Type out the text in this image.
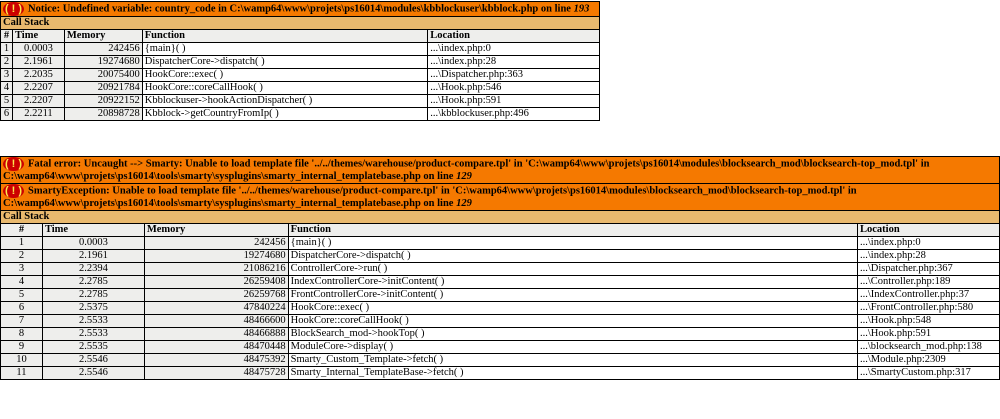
( ! ) Notice: Undefined variable: country_code in C:\wamp64\www\projets\ps16014\modules\kbblockuser\kbblock.php on line 193				
Call Stack				
#	Time	Memory	Function	Location
1	0.0003	242456	{main}( )	...\index.php:0
2	2.1961	19274680	DispatcherCore->dispatch( )	...\index.php:28
3	2.2035	20075400	HookCore::exec( )	...\Dispatcher.php:363
4	2.2207	20921784	HookCore::coreCallHook( )	...\Hook.php:546
5	2.2207	20922152	Kbblockuser->hookActionDispatcher( )	...\Hook.php:591
6	2.2211	20898728	Kbblock->getCountryFromIp( )	...\kbblockuser.php:496
( ! ) Fatal error: Uncaught --> Smarty: Unable to load template file '../../themes/warehouse/product-compare.tpl' in 'C:\wamp64\www\projets\ps16014\modules\blocksearch_mod\blocksearch-top_mod.tpl' in
C:\wamp64\www\projets\ps16014\tools\smarty\sysplugins\smarty_internal_templatebase.php on line 129				
( ! ) SmartyException: Unable to load template file '../../themes/warehouse/product-compare.tpl' in 'C:\wamp64\www\projets\ps16014\modules\blocksearch_mod\blocksearch-top_mod.tpl' in
C:\wamp64\www\projets\ps16014\tools\smarty\sysplugins\smarty_internal_templatebase.php on line 129				
Call Stack				
#	Time	Memory	Function	Location
1	0.0003	242456	{main}( )	...\index.php:0
2	2.1961	19274680	DispatcherCore->dispatch( )	...\index.php:28
3	2.2394	21086216	ControllerCore->run( )	...\Dispatcher.php:367
4	2.2785	26259408	IndexControllerCore->initContent( )	...\Controller.php:189
5	2.2785	26259768	FrontControllerCore->initContent( )	...\IndexController.php:37
6	2.5375	47840224	HookCore::exec( )	...\FrontController.php:580
7	2.5533	48466600	HookCore::coreCallHook( )	...\Hook.php:548
8	2.5533	48466888	BlockSearch_mod->hookTop( )	...\Hook.php:591
9	2.5535	48470448	ModuleCore->display( )	...\blocksearch_mod.php:138
10	2.5546	48475392	Smarty_Custom_Template->fetch( )	...\Module.php:2309
11	2.5546	48475728	Smarty_Internal_TemplateBase->fetch( )	...\SmartyCustom.php:317
